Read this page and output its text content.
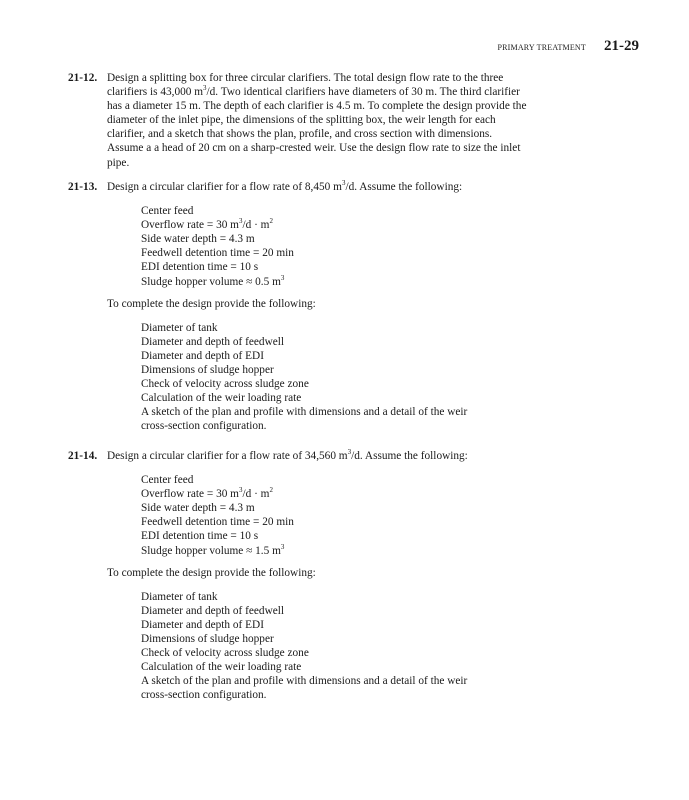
PRIMARY TREATMENT 21-29
21-12. Design a splitting box for three circular clarifiers. The total design flow rate to the three clarifiers is 43,000 $m^3/d$. Two identical clarifiers have diameters of 30 m. The third clarifier has a diameter 15 m. The depth of each clarifier is 4.5 m. To complete the design provide the diameter of the inlet pipe, the dimensions of the splitting box, the weir length for each clarifier, and a sketch that shows the plan, profile, and cross section with dimensions. Assume a a head of 20 cm on a sharp-crested weir. Use the design flow rate to size the inlet pipe.
21-13. Design a circular clarifier for a flow rate of 8,450 $m^3/d$. Assume the following:
Center feed
Overflow rate = 30 $m^3/d \cdot m^2$
Side water depth = 4.3 m
Feedwell detention time = 20 min
EDI detention time = 10 s
Sludge hopper volume ≈ 0.5 $m^3$
To complete the design provide the following:
Diameter of tank
Diameter and depth of feedwell
Diameter and depth of EDI
Dimensions of sludge hopper
Check of velocity across sludge zone
Calculation of the weir loading rate
A sketch of the plan and profile with dimensions and a detail of the weir
cross-section configuration.
21-14. Design a circular clarifier for a flow rate of 34,560 $m^3/d$. Assume the following:
Center feed
Overflow rate = 30 $m^3/d \cdot m^2$
Side water depth = 4.3 m
Feedwell detention time = 20 min
EDI detention time = 10 s
Sludge hopper volume ≈ 1.5 $m^3$
To complete the design provide the following:
Diameter of tank
Diameter and depth of feedwell
Diameter and depth of EDI
Dimensions of sludge hopper
Check of velocity across sludge zone
Calculation of the weir loading rate
A sketch of the plan and profile with dimensions and a detail of the weir
cross-section configuration.
